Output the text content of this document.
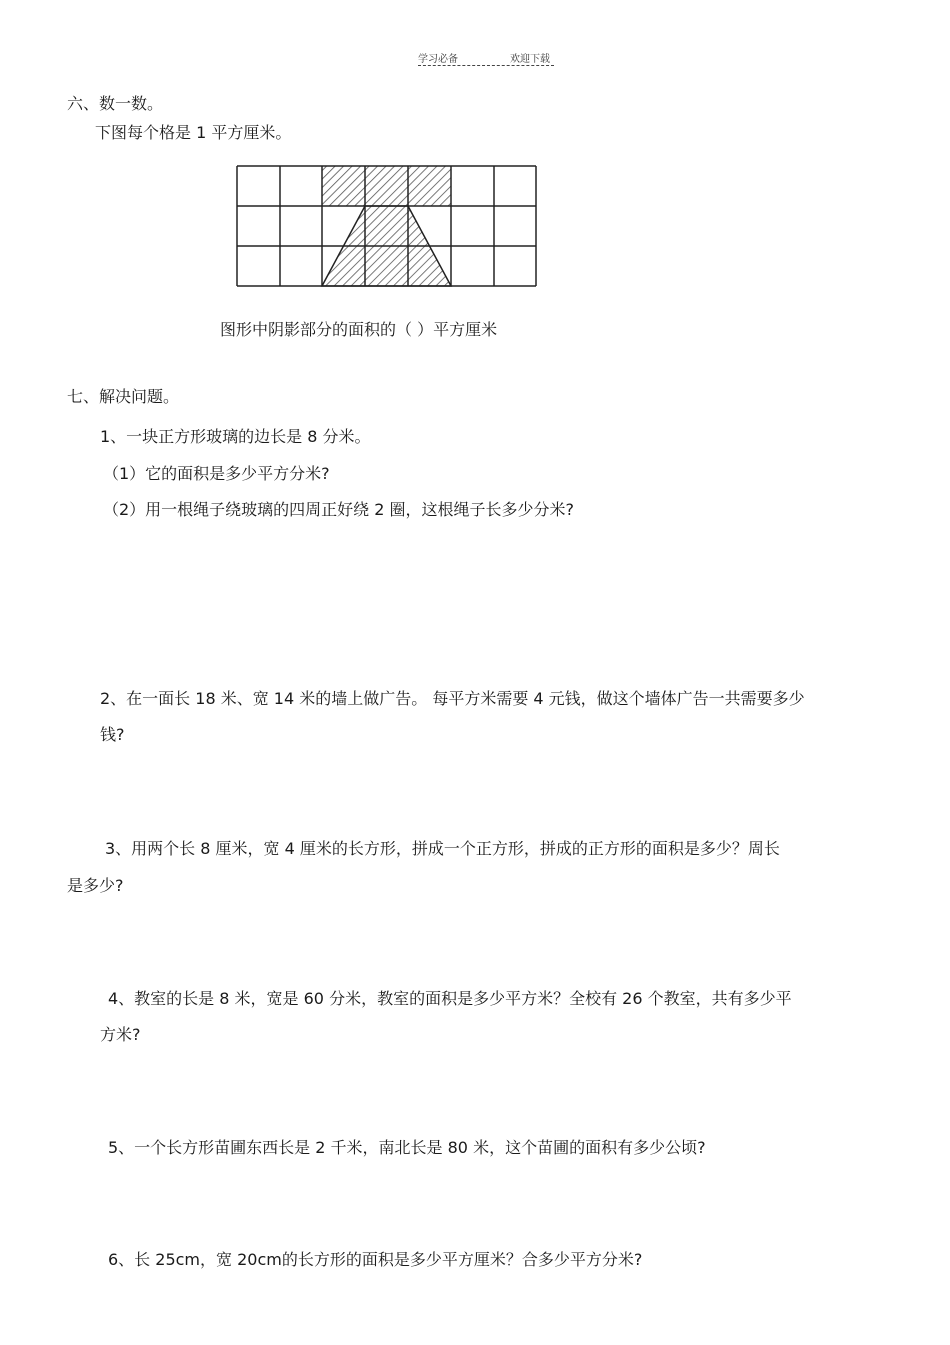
学习必备	欢迎下载
六、数一数。
下图每个格是 1 平方厘米。
图形中阴影部分的面积的（ ）平方厘米
七、解决问题。
1、一块正方形玻璃的边长是 8 分米。
（1）它的面积是多少平方分米?
（2）用一根绳子绕玻璃的四周正好绕 2 圈，这根绳子长多少分米?
2、在一面长 18 米、宽 14 米的墙上做广告。 每平方米需要 4 元钱，做这个墙体广告一共需要多少
钱?
3、用两个长 8 厘米，宽 4 厘米的长方形，拼成一个正方形，拼成的正方形的面积是多少？周长
是多少?
4、教室的长是 8 米，宽是 60 分米，教室的面积是多少平方米？全校有 26 个教室，共有多少平
方米?
5、一个长方形苗圃东西长是 2 千米，南北长是 80 米，这个苗圃的面积有多少公顷?
6、长 25cm，宽 20cm的长方形的面积是多少平方厘米？合多少平方分米?
